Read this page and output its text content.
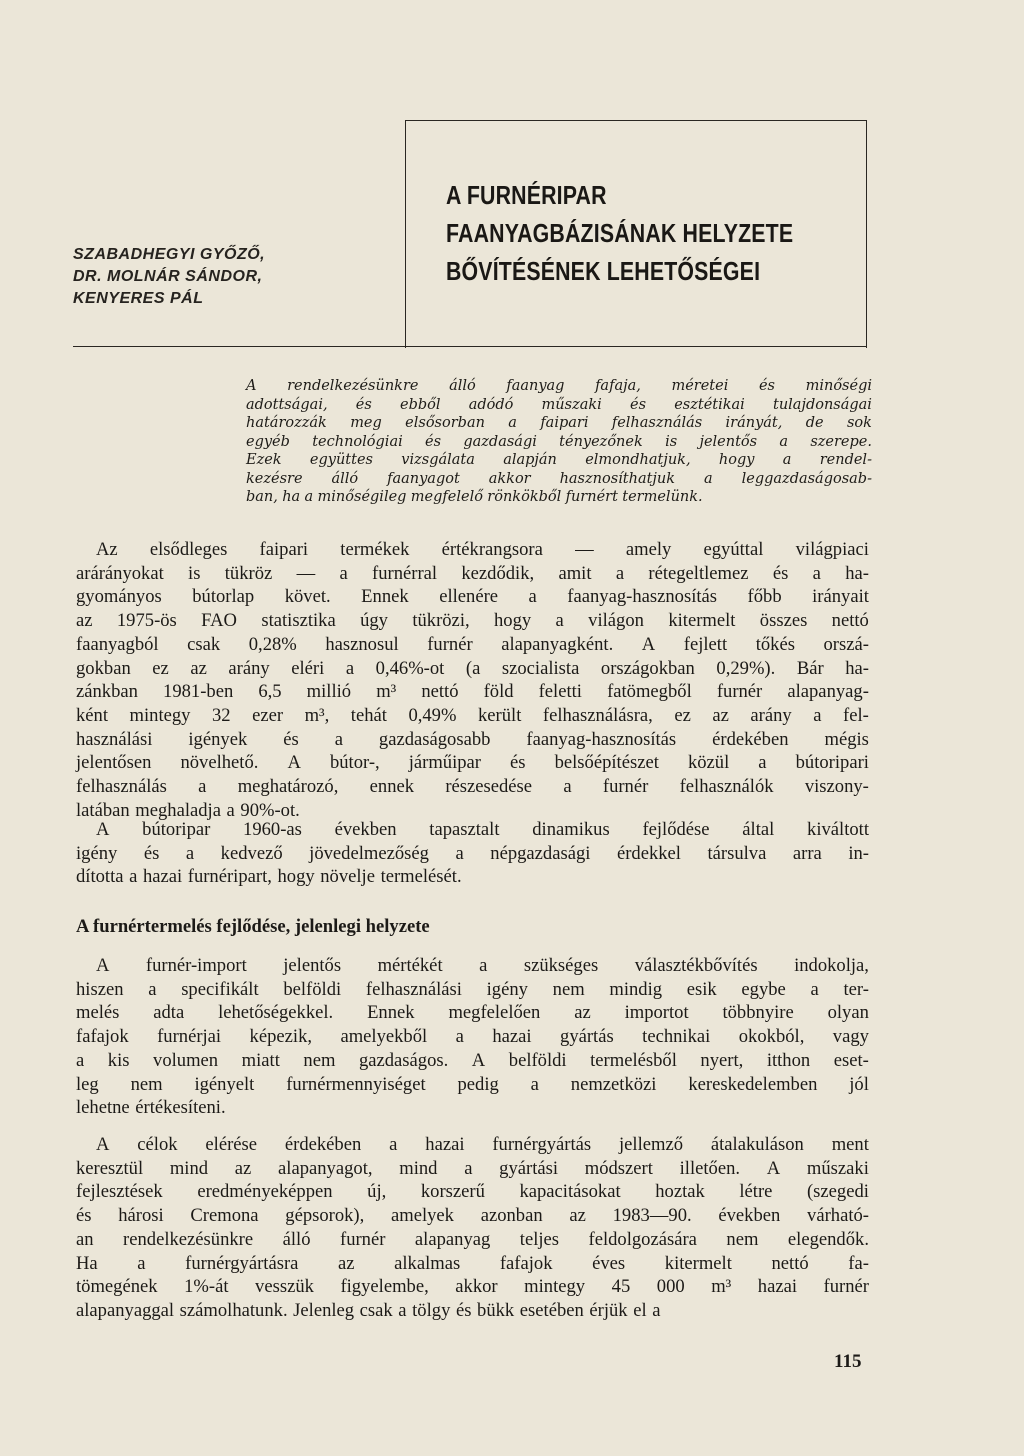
SZABADHEGYI GYŐZŐ,
DR. MOLNÁR SÁNDOR,
KENYERES PÁL
A FURNÉRIPAR
FAANYAGBÁZISÁNAK HELYZETE
BŐVÍTÉSÉNEK LEHETŐSÉGEI
A rendelkezésünkre álló faanyag fafaja, méretei és minőségi
adottságai, és ebből adódó műszaki és esztétikai tulajdonságai
határozzák meg elsősorban a faipari felhasználás irányát, de sok
egyéb technológiai és gazdasági tényezőnek is jelentős a szerepe.
Ezek együttes vizsgálata alapján elmondhatjuk, hogy a rendel-
kezésre álló faanyagot akkor hasznosíthatjuk a leggazdaságosab-
ban, ha a minőségileg megfelelő rönkökből furnért termelünk.
Az elsődleges faipari termékek értékrangsora — amely egyúttal világpiaci
arárányokat is tükröz — a furnérral kezdődik, amit a rétegeltlemez és a ha-
gyományos bútorlap követ. Ennek ellenére a faanyag-hasznosítás főbb irányait
az 1975-ös FAO statisztika úgy tükrözi, hogy a világon kitermelt összes nettó
faanyagból csak 0,28% hasznosul furnér alapanyagként. A fejlett tőkés orszá-
gokban ez az arány eléri a 0,46%-ot (a szocialista országokban 0,29%). Bár ha-
zánkban 1981-ben 6,5 millió m³ nettó föld feletti fatömegből furnér alapanyag-
ként mintegy 32 ezer m³, tehát 0,49% került felhasználásra, ez az arány a fel-
használási igények és a gazdaságosabb faanyag-hasznosítás érdekében mégis
jelentősen növelhető. A bútor-, járműipar és belsőépítészet közül a bútoripari
felhasználás a meghatározó, ennek részesedése a furnér felhasználók viszony-
latában meghaladja a 90%-ot.
A bútoripar 1960-as években tapasztalt dinamikus fejlődése által kiváltott
igény és a kedvező jövedelmezőség a népgazdasági érdekkel társulva arra in-
dította a hazai furnéripart, hogy növelje termelését.
A furnértermelés fejlődése, jelenlegi helyzete
A furnér-import jelentős mértékét a szükséges választékbővítés indokolja,
hiszen a specifikált belföldi felhasználási igény nem mindig esik egybe a ter-
melés adta lehetőségekkel. Ennek megfelelően az importot többnyire olyan
fafajok furnérjai képezik, amelyekből a hazai gyártás technikai okokból, vagy
a kis volumen miatt nem gazdaságos. A belföldi termelésből nyert, itthon eset-
leg nem igényelt furnérmennyiséget pedig a nemzetközi kereskedelemben jól
lehetne értékesíteni.
A célok elérése érdekében a hazai furnérgyártás jellemző átalakuláson ment
keresztül mind az alapanyagot, mind a gyártási módszert illetően. A műszaki
fejlesztések eredményeképpen új, korszerű kapacitásokat hoztak létre (szegedi
és hárosi Cremona gépsorok), amelyek azonban az 1983—90. években várható-
an rendelkezésünkre álló furnér alapanyag teljes feldolgozására nem elegendők.
Ha a furnérgyártásra az alkalmas fafajok éves kitermelt nettó fa-
tömegének 1%-át vesszük figyelembe, akkor mintegy 45 000 m³ hazai furnér
alapanyaggal számolhatunk. Jelenleg csak a tölgy és bükk esetében érjük el a
115
